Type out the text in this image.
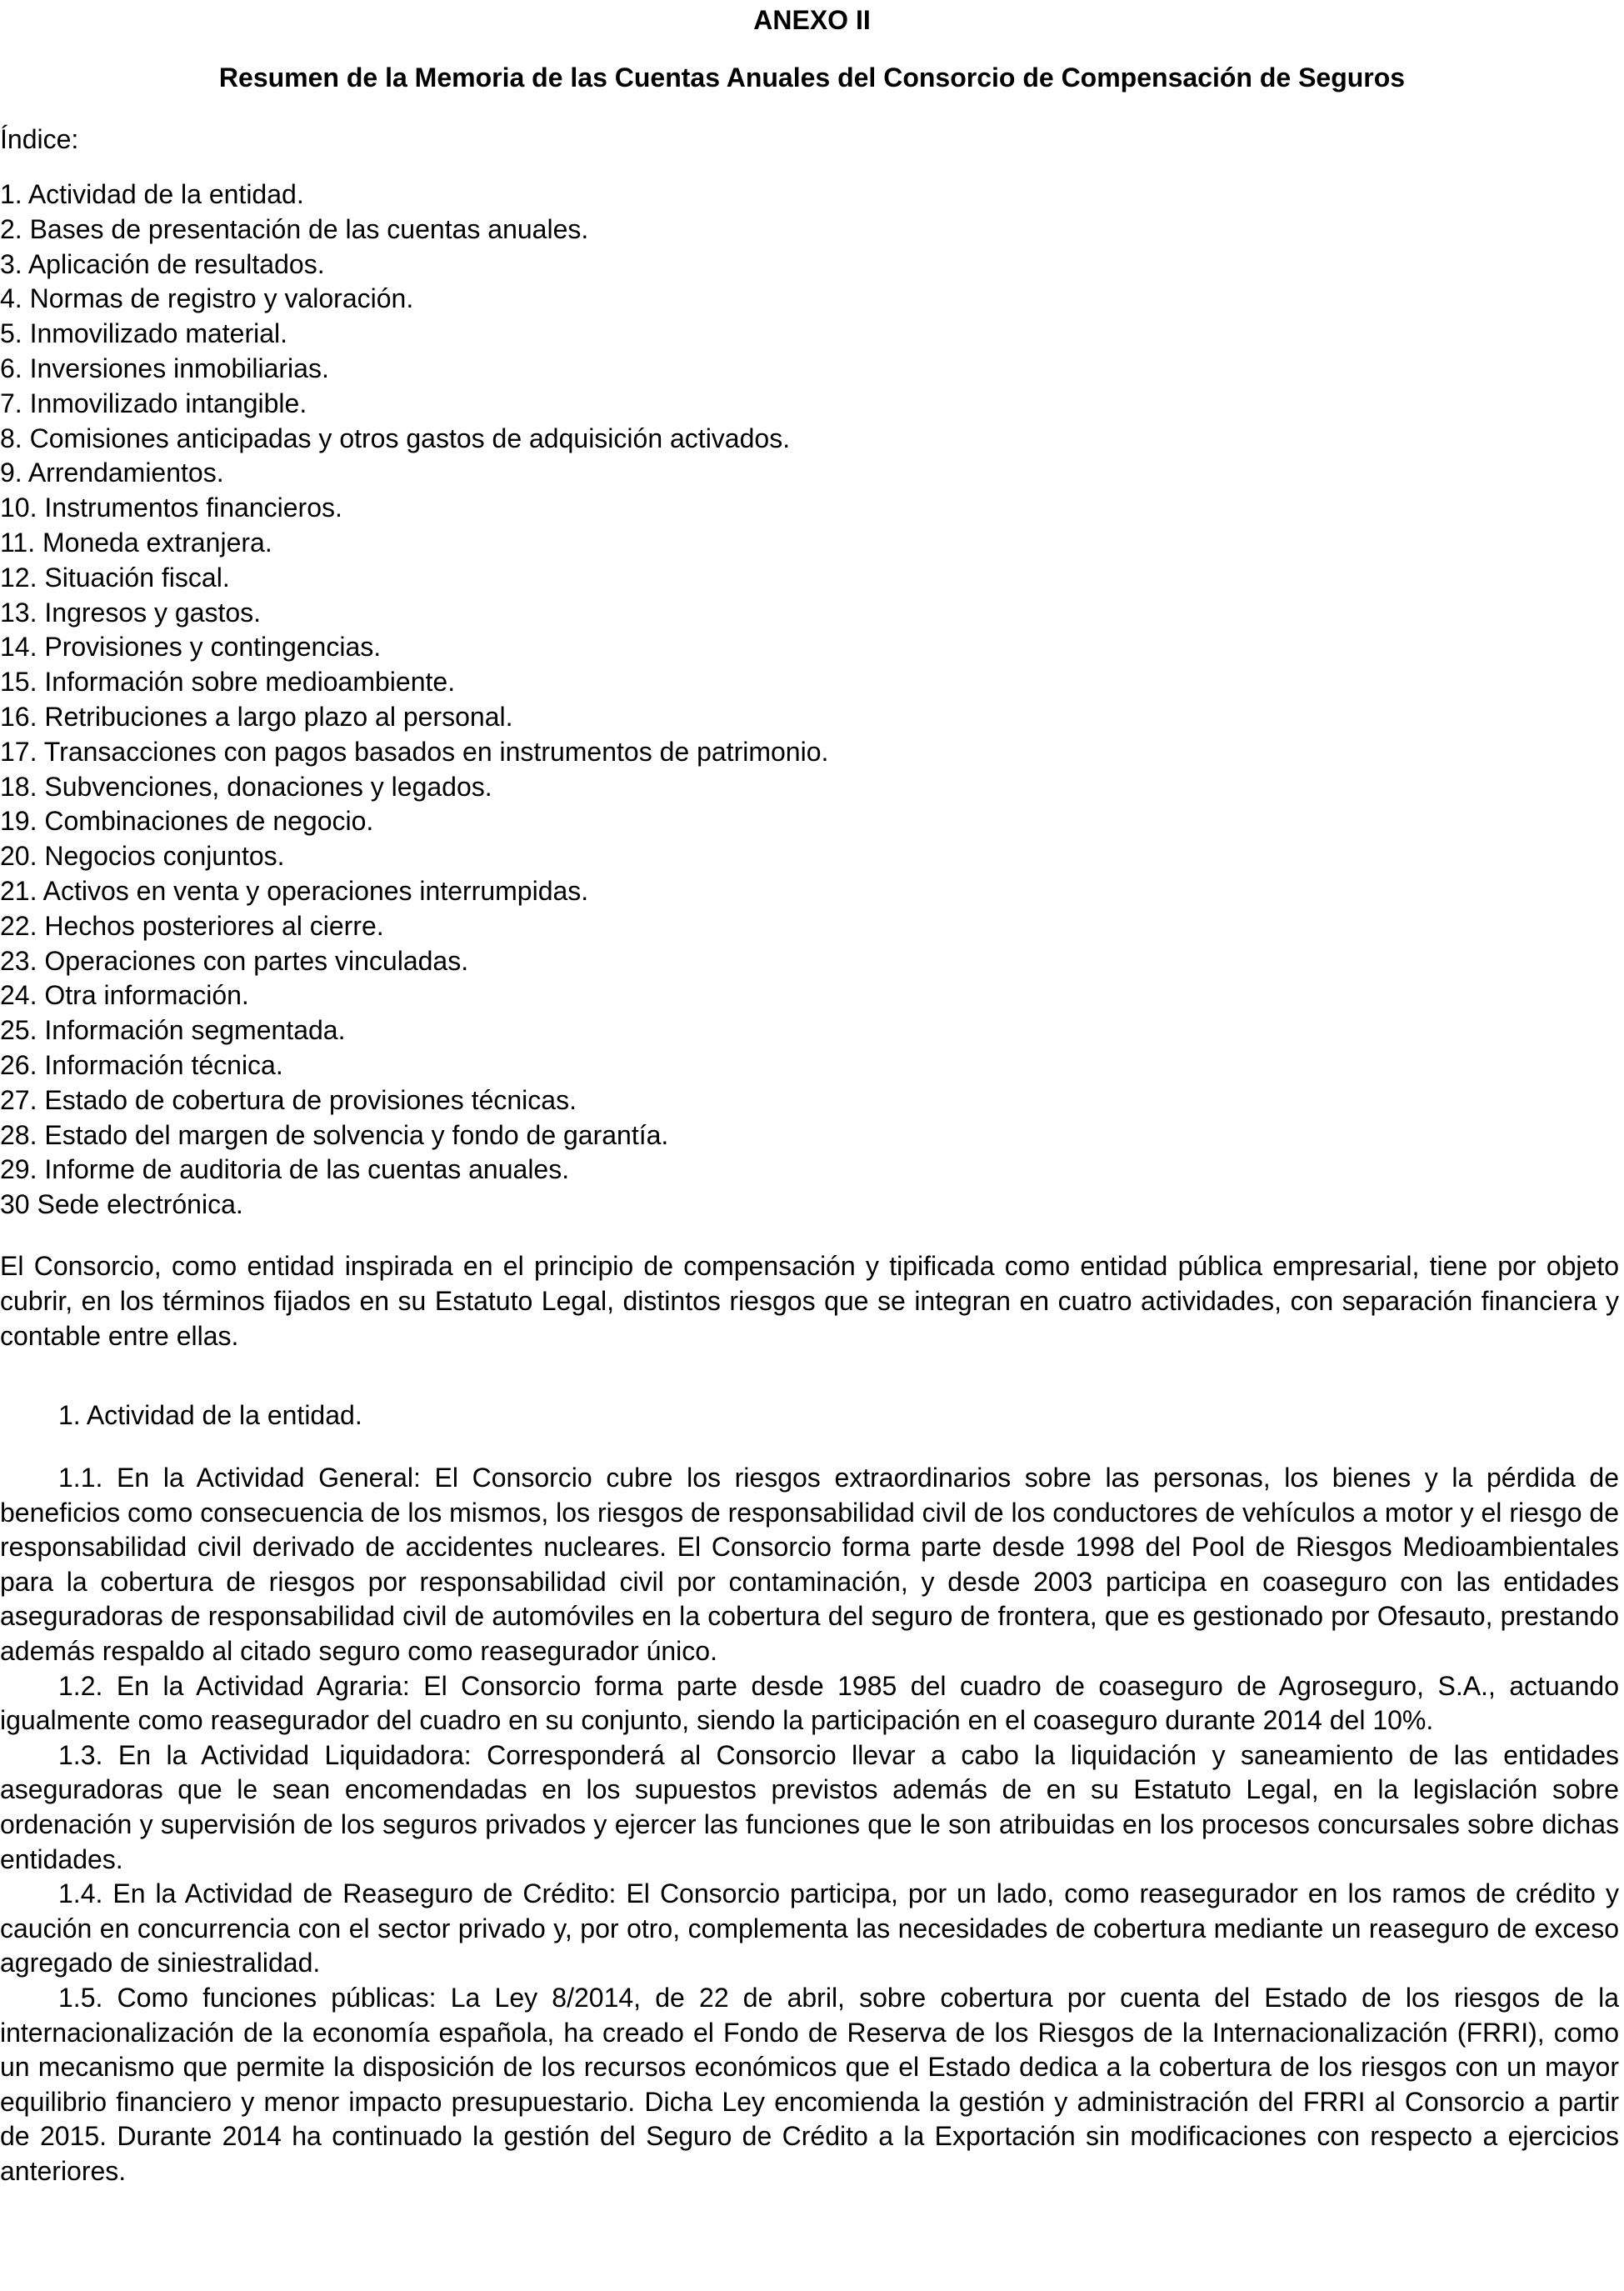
ANEXO II
Resumen de la Memoria de las Cuentas Anuales del Consorcio de Compensación de Seguros
Índice:
1. Actividad de la entidad.
2. Bases de presentación de las cuentas anuales.
3. Aplicación de resultados.
4. Normas de registro y valoración.
5. Inmovilizado material.
6. Inversiones inmobiliarias.
7. Inmovilizado intangible.
8. Comisiones anticipadas y otros gastos de adquisición activados.
9. Arrendamientos.
10. Instrumentos financieros.
11. Moneda extranjera.
12. Situación fiscal.
13. Ingresos y gastos.
14. Provisiones y contingencias.
15. Información sobre medioambiente.
16. Retribuciones a largo plazo al personal.
17. Transacciones con pagos basados en instrumentos de patrimonio.
18. Subvenciones, donaciones y legados.
19. Combinaciones de negocio.
20. Negocios conjuntos.
21. Activos en venta y operaciones interrumpidas.
22. Hechos posteriores al cierre.
23. Operaciones con partes vinculadas.
24. Otra información.
25. Información segmentada.
26. Información técnica.
27. Estado de cobertura de provisiones técnicas.
28. Estado del margen de solvencia y fondo de garantía.
29. Informe de auditoria de las cuentas anuales.
30 Sede electrónica.

El Consorcio, como entidad inspirada en el principio de compensación y tipificada como entidad pública empresarial, tiene por objeto cubrir, en los términos fijados en su Estatuto Legal, distintos riesgos que se integran en cuatro actividades, con separación financiera y contable entre ellas.

1. Actividad de la entidad.

1.1. En la Actividad General: El Consorcio cubre los riesgos extraordinarios sobre las personas, los bienes y la pérdida de beneficios como consecuencia de los mismos, los riesgos de responsabilidad civil de los conductores de vehículos a motor y el riesgo de responsabilidad civil derivado de accidentes nucleares. El Consorcio forma parte desde 1998 del Pool de Riesgos Medioambientales para la cobertura de riesgos por responsabilidad civil por contaminación, y desde 2003 participa en coaseguro con las entidades aseguradoras de responsabilidad civil de automóviles en la cobertura del seguro de frontera, que es gestionado por Ofesauto, prestando además respaldo al citado seguro como reasegurador único.

1.2. En la Actividad Agraria: El Consorcio forma parte desde 1985 del cuadro de coaseguro de Agroseguro, S.A., actuando igualmente como reasegurador del cuadro en su conjunto, siendo la participación en el coaseguro durante 2014 del 10%.

1.3. En la Actividad Liquidadora: Corresponderá al Consorcio llevar a cabo la liquidación y saneamiento de las entidades aseguradoras que le sean encomendadas en los supuestos previstos además de en su Estatuto Legal, en la legislación sobre ordenación y supervisión de los seguros privados y ejercer las funciones que le son atribuidas en los procesos concursales sobre dichas entidades.

1.4. En la Actividad de Reaseguro de Crédito: El Consorcio participa, por un lado, como reasegurador en los ramos de crédito y caución en concurrencia con el sector privado y, por otro, complementa las necesidades de cobertura mediante un reaseguro de exceso agregado de siniestralidad.

1.5. Como funciones públicas: La Ley 8/2014, de 22 de abril, sobre cobertura por cuenta del Estado de los riesgos de la internacionalización de la economía española, ha creado el Fondo de Reserva de los Riesgos de la Internacionalización (FRRI), como un mecanismo que permite la disposición de los recursos económicos que el Estado dedica a la cobertura de los riesgos con un mayor equilibrio financiero y menor impacto presupuestario. Dicha Ley encomienda la gestión y administración del FRRI al Consorcio a partir de 2015. Durante 2014 ha continuado la gestión del Seguro de Crédito a la Exportación sin modificaciones con respecto a ejercicios anteriores.
